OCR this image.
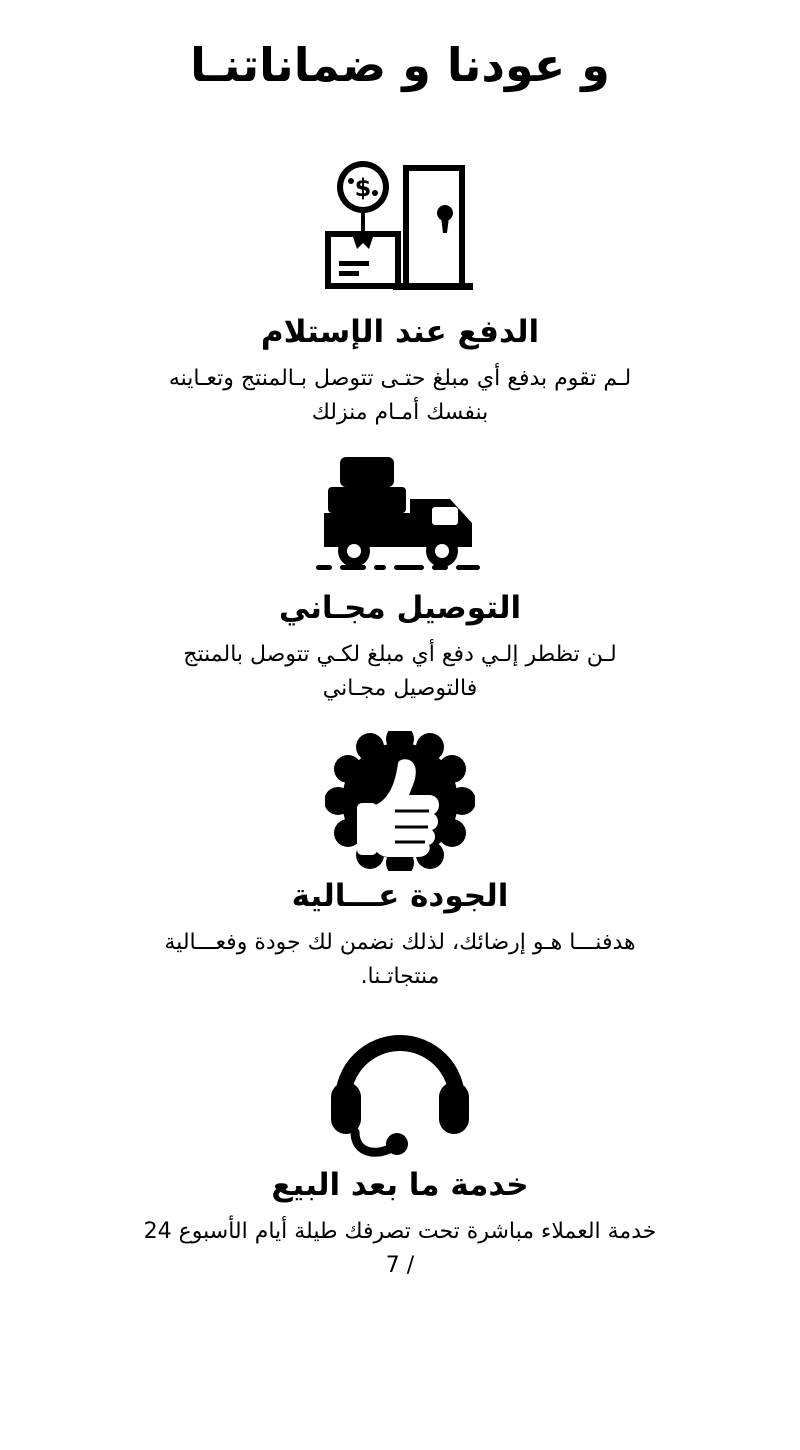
و عودنا و ضماناتنـا
$
الدفع عند الإستلام
لـم تقوم بدفع أي مبلغ حتـى تتوصل بـالمنتج وتعـاينه بنفسك أمـام منزلك
التوصيل مجـاني
لـن تظطر إلـي دفع أي مبلغ لكـي تتوصل بالمنتج فالتوصيل مجـاني
الجودة عـــالية
هدفنـــا هـو إرضائك، لذلك نضمن لك جودة وفعـــالية منتجاتـنا.
خدمة ما بعد البيع
خدمة العملاء مباشرة تحت تصرفك طيلة أيام الأسبوع 24 / 7
